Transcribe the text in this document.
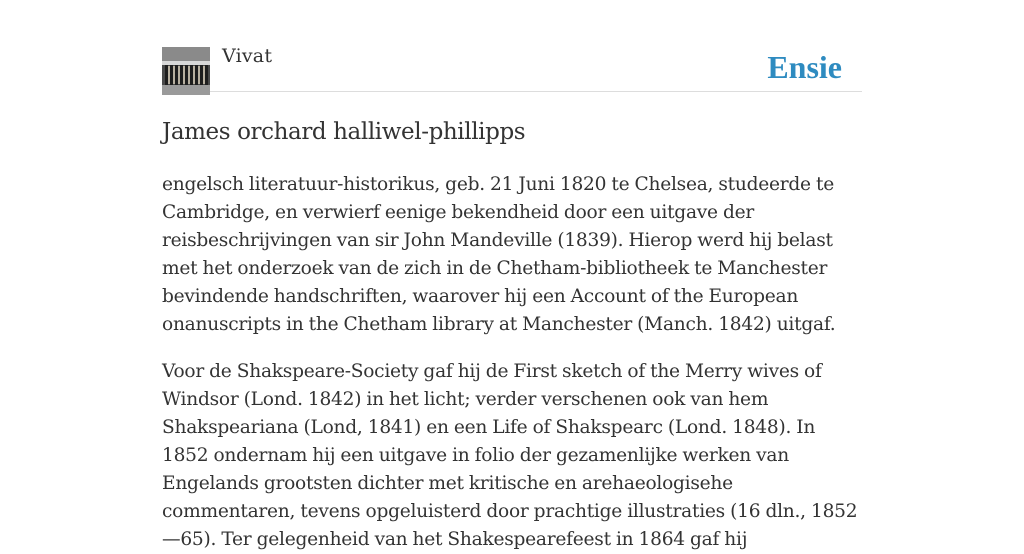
Vivat	Ensie
James orchard halliwel-phillipps

engelsch literatuur-historikus, geb. 21 Juni 1820 te Chelsea, studeerde te Cambridge, en verwierf eenige bekendheid door een uitgave der reisbeschrijvingen van sir John Mandeville (1839). Hierop werd hij belast met het onderzoek van de zich in de Chetham-bibliotheek te Manchester bevindende handschriften, waarover hij een Account of the European onanuscripts in the Chetham library at Manchester (Manch. 1842) uitgaf.

Voor de Shakspeare-Society gaf hij de First sketch of the Merry wives of Windsor (Lond. 1842) in het licht; verder verschenen ook van hem Shakspeariana (Lond, 1841) en een Life of Shakspearc (Lond. 1848). In 1852 ondernam hij een uitgave in folio der gezamenlijke werken van Engelands grootsten dichter met kritische en arehaeologisehe commentaren, tevens opgeluisterd door prachtige illustraties (16 dln., 1852—65). Ter gelegenheid van het Shakespearefeest in 1864 gaf hij
